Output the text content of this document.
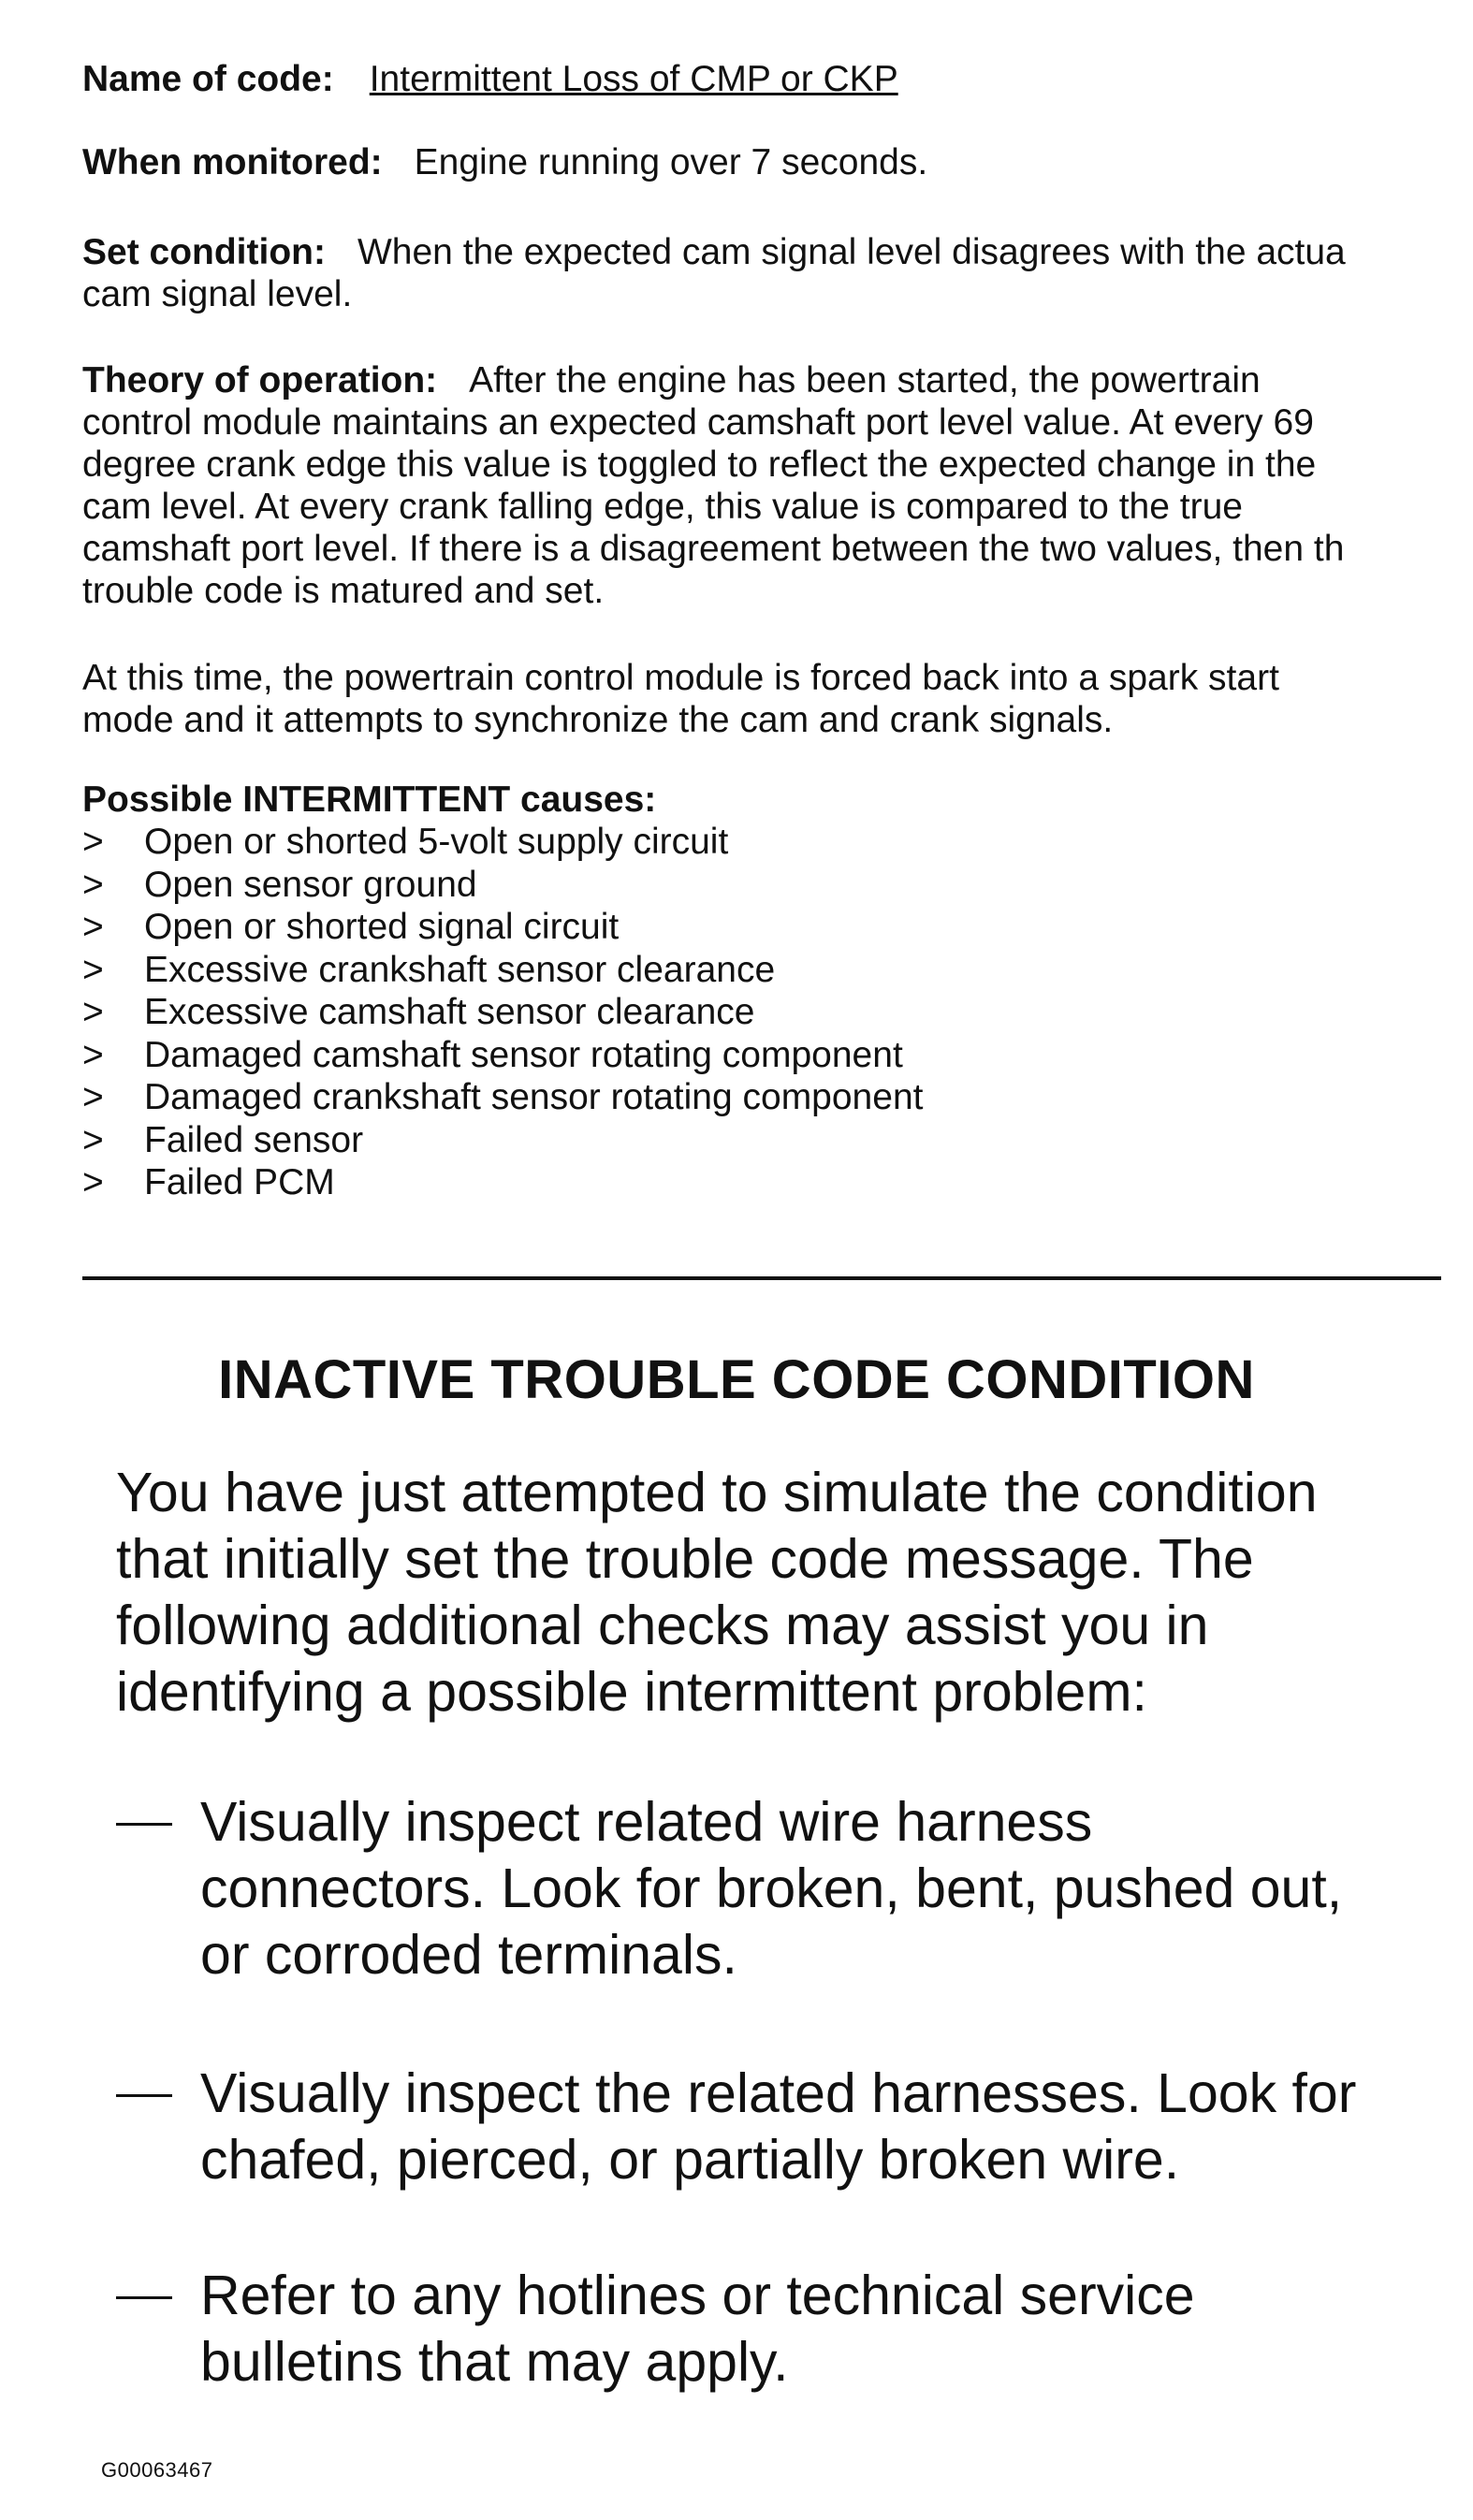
Name of code: Intermittent Loss of CMP or CKP

When monitored: Engine running over 7 seconds.

Set condition: When the expected cam signal level disagrees with the actua
cam signal level.
Theory of operation: After the engine has been started, the powertrain
control module maintains an expected camshaft port level value. At every 69
degree crank edge this value is toggled to reflect the expected change in the
cam level. At every crank falling edge, this value is compared to the true
camshaft port level. If there is a disagreement between the two values, then th
trouble code is matured and set.
At this time, the powertrain control module is forced back into a spark start
mode and it attempts to synchronize the cam and crank signals.
Possible INTERMITTENT causes:
> Open or shorted 5-volt supply circuit
> Open sensor ground
> Open or shorted signal circuit
> Excessive crankshaft sensor clearance
> Excessive camshaft sensor clearance
> Damaged camshaft sensor rotating component
> Damaged crankshaft sensor rotating component
> Failed sensor
> Failed PCM
INACTIVE TROUBLE CODE CONDITION
You have just attempted to simulate the condition
that initially set the trouble code message. The
following additional checks may assist you in
identifying a possible intermittent problem:
Visually inspect related wire harness
connectors. Look for broken, bent, pushed out,
or corroded terminals.
Visually inspect the related harnesses. Look for
chafed, pierced, or partially broken wire.
Refer to any hotlines or technical service
bulletins that may apply.

G00063467
